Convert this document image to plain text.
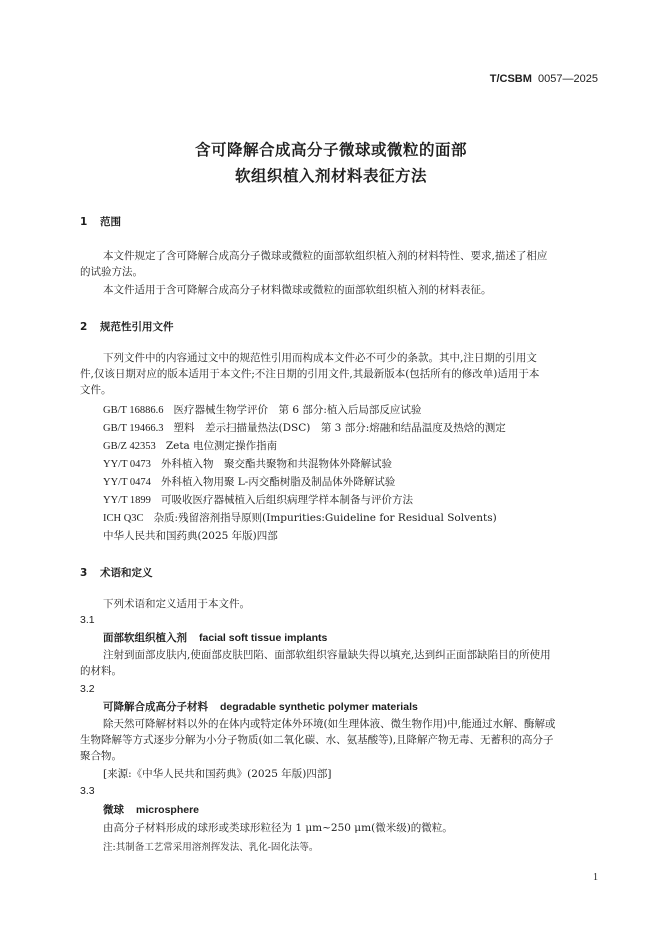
T/CSBM 0057—2025
含可降解合成高分子微球或微粒的面部
软组织植入剂材料表征方法
1 范围
本文件规定了含可降解合成高分子微球或微粒的面部软组织植入剂的材料特性、要求,描述了相应
的试验方法。
本文件适用于含可降解合成高分子材料微球或微粒的面部软组织植入剂的材料表征。
2 规范性引用文件
下列文件中的内容通过文中的规范性引用而构成本文件必不可少的条款。其中,注日期的引用文
件,仅该日期对应的版本适用于本文件;不注日期的引用文件,其最新版本(包括所有的修改单)适用于本
文件。
GB/T 16886.6 医疗器械生物学评价　第 6 部分:植入后局部反应试验
GB/T 19466.3 塑料　差示扫描量热法(DSC)　第 3 部分:熔融和结晶温度及热焓的测定
GB/Z 42353 Zeta 电位测定操作指南
YY/T 0473 外科植入物　聚交酯共聚物和共混物体外降解试验
YY/T 0474 外科植入物用聚 L-丙交酯树脂及制品体外降解试验
YY/T 1899 可吸收医疗器械植入后组织病理学样本制备与评价方法
ICH Q3C 杂质:残留溶剂指导原则(Impurities:Guideline for Residual Solvents)
中华人民共和国药典(2025 年版)四部
3 术语和定义
下列术语和定义适用于本文件。
3.1
面部软组织植入剂 facial soft tissue implants
注射到面部皮肤内,使面部皮肤凹陷、面部软组织容量缺失得以填充,达到纠正面部缺陷目的所使用
的材料。
3.2
可降解合成高分子材料 degradable synthetic polymer materials
除天然可降解材料以外的在体内或特定体外环境(如生理体液、微生物作用)中,能通过水解、酶解或
生物降解等方式逐步分解为小分子物质(如二氧化碳、水、氨基酸等),且降解产物无毒、无蓄积的高分子
聚合物。
[来源:《中华人民共和国药典》(2025 年版)四部]
3.3
微球 microsphere
由高分子材料形成的球形或类球形粒径为 1 μm~250 μm(微米级)的微粒。
注:其制备工艺常采用溶剂挥发法、乳化-固化法等。
1
